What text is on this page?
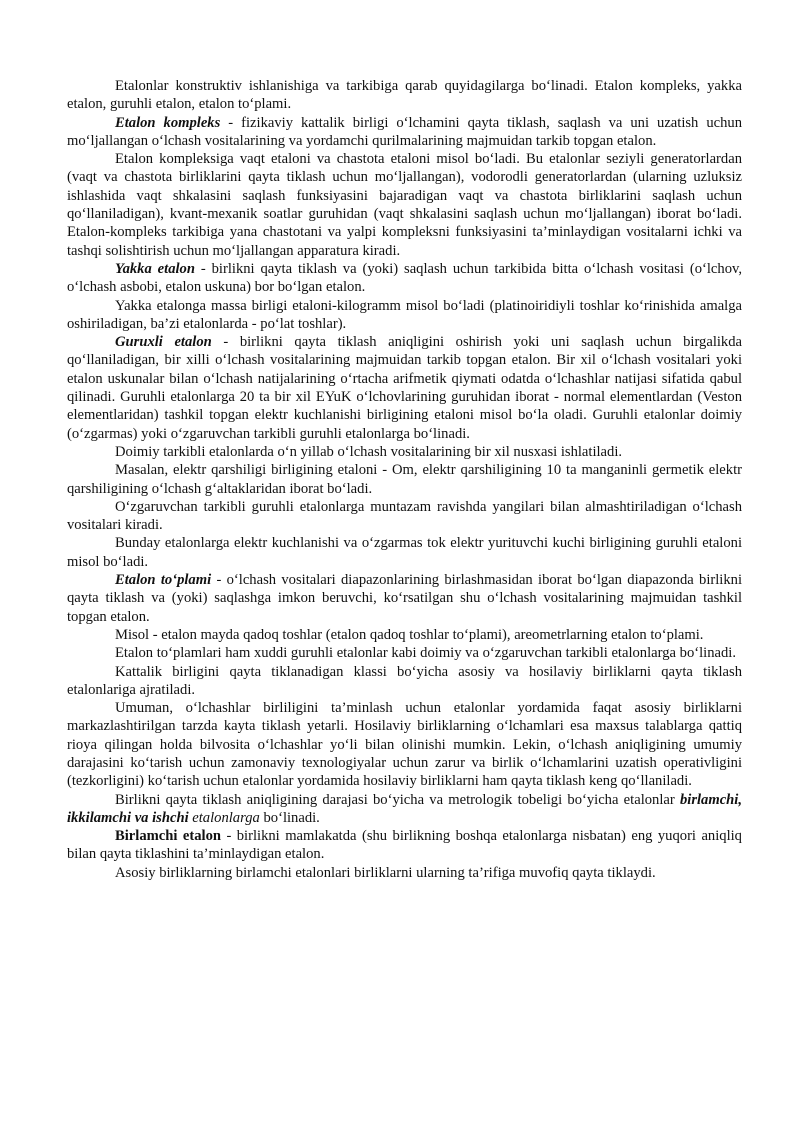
Etalonlar konstruktiv ishlanishiga va tarkibiga qarab quyidagilarga bo‘linadi. Etalon kompleks, yakka etalon, guruhli etalon, etalon to‘plami.

Etalon kompleks - fizikaviy kattalik birligi o‘lchamini qayta tiklash, saqlash va uni uzatish uchun mo‘ljallangan o‘lchash vositalarining va yordamchi qurilmalarining majmuidan tarkib topgan etalon.

Etalon kompleksiga vaqt etaloni va chastota etaloni misol bo‘ladi. Bu etalonlar seziyli generatorlardan (vaqt va chastota birliklarini qayta tiklash uchun mo‘ljallangan), vodorodli generatorlardan (ularning uzluksiz ishlashida vaqt shkalasini saqlash funksiyasini bajaradigan vaqt va chastota birliklarini saqlash uchun qo‘llaniladigan), kvant-mexanik soatlar guruhidan (vaqt shkalasini saqlash uchun mo‘ljallangan) iborat bo‘ladi. Etalon-kompleks tarkibiga yana chastotani va yalpi kompleksni funksiyasini ta’minlaydigan vositalarni ichki va tashqi solishtirish uchun mo‘ljallangan apparatura kiradi.

Yakka etalon - birlikni qayta tiklash va (yoki) saqlash uchun tarkibida bitta o‘lchash vositasi (o‘lchov, o‘lchash asbobi, etalon uskuna) bor bo‘lgan etalon.

Yakka etalonga massa birligi etaloni-kilogramm misol bo‘ladi (platinoiridiyli toshlar ko‘rinishida amalga oshiriladigan, ba’zi etalonlarda - po‘lat toshlar).

Guruxli etalon - birlikni qayta tiklash aniqligini oshirish yoki uni saqlash uchun birgalikda qo‘llaniladigan, bir xilli o‘lchash vositalarining majmuidan tarkib topgan etalon. Bir xil o‘lchash vositalari yoki etalon uskunalar bilan o‘lchash natijalarining o‘rtacha arifmetik qiymati odatda o‘lchashlar natijasi sifatida qabul qilinadi. Guruhli etalonlarga 20 ta bir xil EYuK o‘lchovlarining guruhidan iborat - normal elementlardan (Veston elementlaridan) tashkil topgan elektr kuchlanishi birligining etaloni misol bo‘la oladi. Guruhli etalonlar doimiy (o‘zgarmas) yoki o‘zgaruvchan tarkibli guruhli etalonlarga bo‘linadi.

Doimiy tarkibli etalonlarda o‘n yillab o‘lchash vositalarining bir xil nusxasi ishlatiladi.

Masalan, elektr qarshiligi birligining etaloni - Om, elektr qarshiligining 10 ta manganinli germetik elektr qarshiligining o‘lchash g‘altaklaridan iborat bo‘ladi.

O‘zgaruvchan tarkibli guruhli etalonlarga muntazam ravishda yangilari bilan almashtiriladigan o‘lchash vositalari kiradi.

Bunday etalonlarga elektr kuchlanishi va o‘zgarmas tok elektr yurituvchi kuchi birligining guruhli etaloni misol bo‘ladi.

Etalon to‘plami - o‘lchash vositalari diapazonlarining birlashmasidan iborat bo‘lgan diapazonda birlikni qayta tiklash va (yoki) saqlashga imkon beruvchi, ko‘rsatilgan shu o‘lchash vositalarining majmuidan tashkil topgan etalon.

Misol - etalon mayda qadoq toshlar (etalon qadoq toshlar to‘plami), areometrlarning etalon to‘plami.

Etalon to‘plamlari ham xuddi guruhli etalonlar kabi doimiy va o‘zgaruvchan tarkibli etalonlarga bo‘linadi.

Kattalik birligini qayta tiklanadigan klassi bo‘yicha asosiy va hosilaviy birliklarni qayta tiklash etalonlariga ajratiladi.

Umuman, o‘lchashlar birliligini ta’minlash uchun etalonlar yordamida faqat asosiy birliklarni markazlashtirilgan tarzda kayta tiklash yetarli. Hosilaviy birliklarning o‘lchamlari esa maxsus talablarga qattiq rioya qilingan holda bilvosita o‘lchashlar yo‘li bilan olinishi mumkin. Lekin, o‘lchash aniqligining umumiy darajasini ko‘tarish uchun zamonaviy texnologiyalar uchun zarur va birlik o‘lchamlarini uzatish operativligini (tezkorligini) ko‘tarish uchun etalonlar yordamida hosilaviy birliklarni ham qayta tiklash keng qo‘llaniladi.

Birlikni qayta tiklash aniqligining darajasi bo‘yicha va metrologik tobeligi bo‘yicha etalonlar birlamchi, ikkilamchi va ishchi etalonlarga bo‘linadi.

Birlamchi etalon - birlikni mamlakatda (shu birlikning boshqa etalonlarga nisbatan) eng yuqori aniqliq bilan qayta tiklashini ta’minlaydigan etalon.

Asosiy birliklarning birlamchi etalonlari birliklarni ularning ta’rifiga muvofiq qayta tiklaydi.
